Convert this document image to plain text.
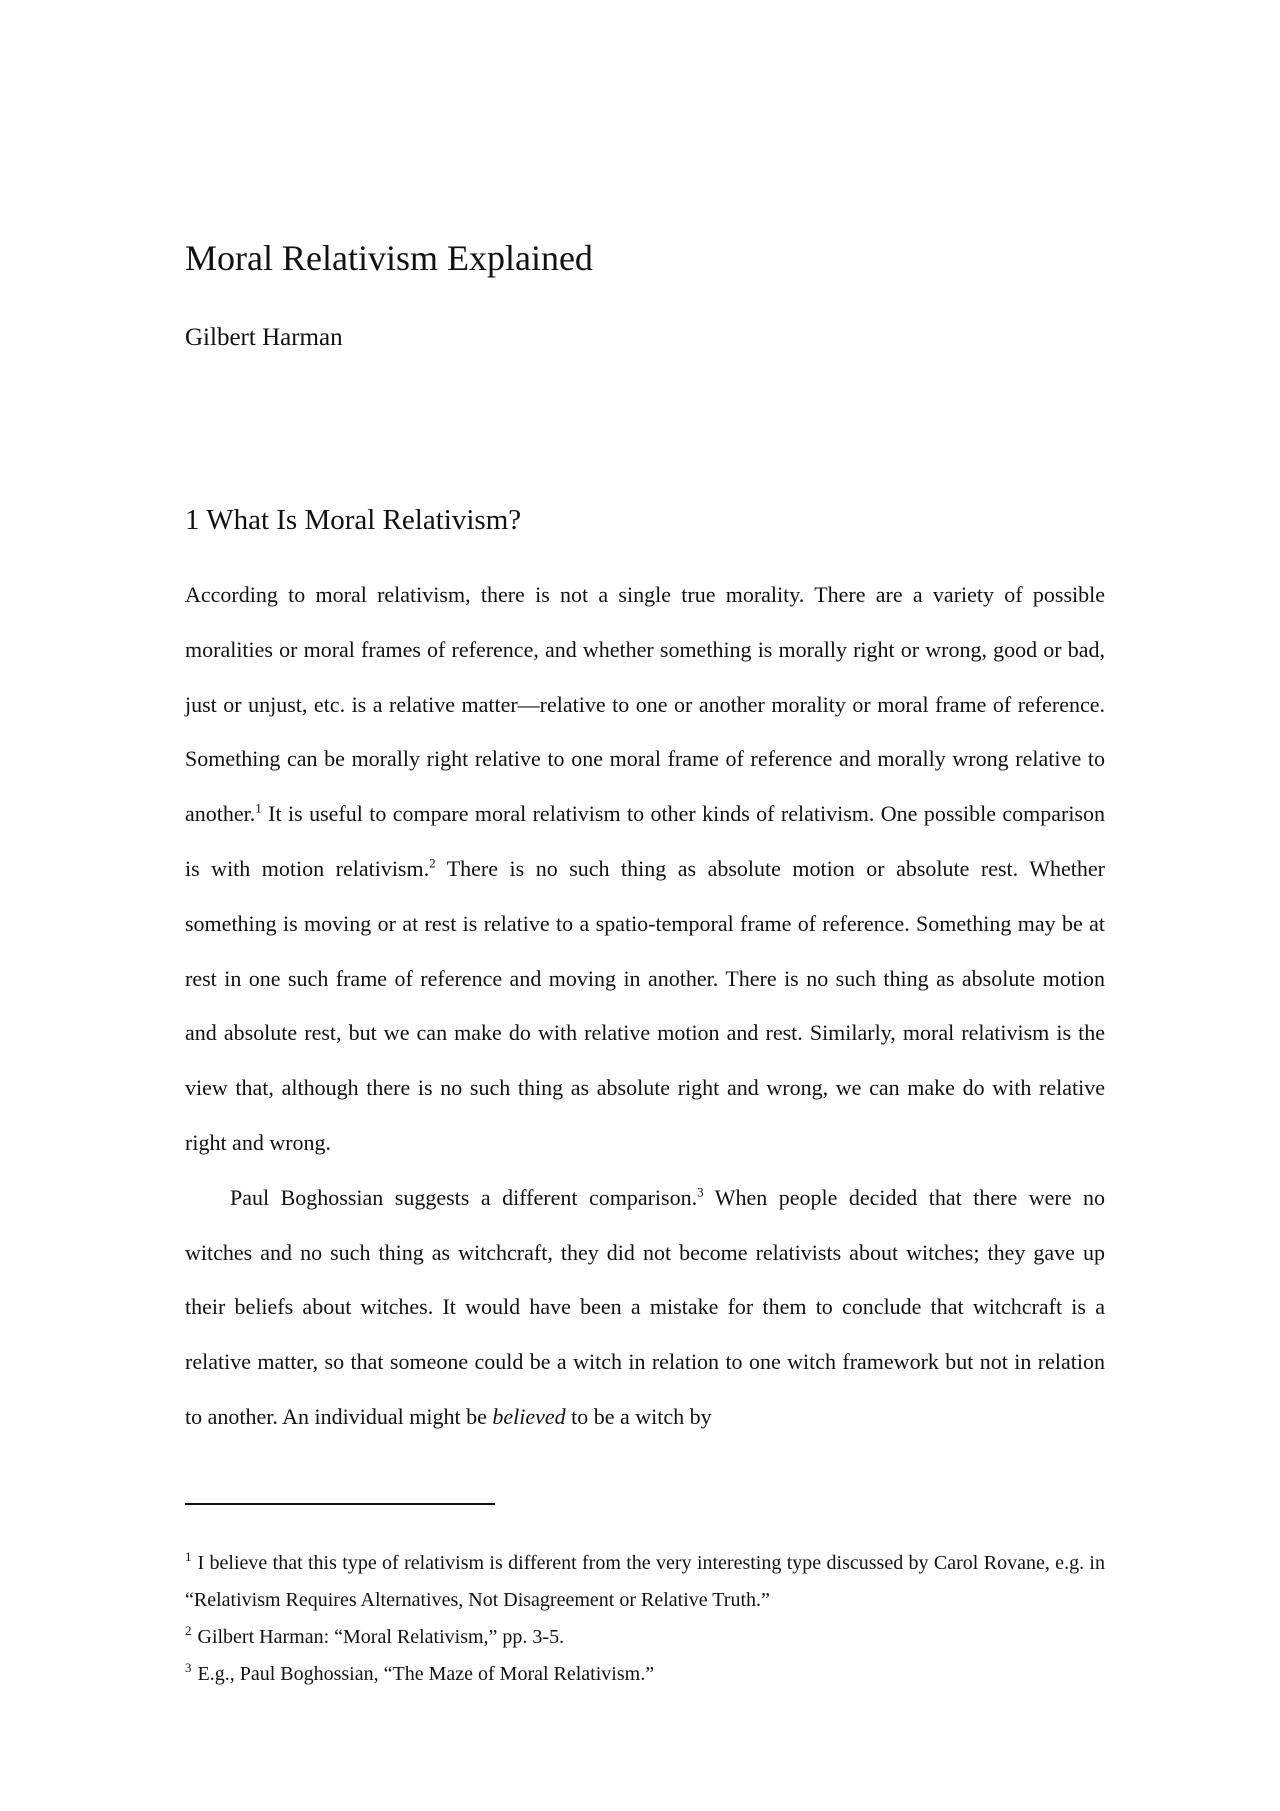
Moral Relativism Explained

Gilbert Harman

1 What Is Moral Relativism?

According to moral relativism, there is not a single true morality. There are a variety of possible moralities or moral frames of reference, and whether something is morally right or wrong, good or bad, just or unjust, etc. is a relative matter—relative to one or another morality or moral frame of reference. Something can be morally right relative to one moral frame of reference and morally wrong relative to another.$^1$ It is useful to compare moral relativism to other kinds of relativism. One possible comparison is with motion relativism.$^2$ There is no such thing as absolute motion or absolute rest. Whether something is moving or at rest is relative to a spatio-temporal frame of reference. Something may be at rest in one such frame of reference and moving in another. There is no such thing as absolute motion and absolute rest, but we can make do with relative motion and rest. Similarly, moral relativism is the view that, although there is no such thing as absolute right and wrong, we can make do with relative right and wrong.

Paul Boghossian suggests a different comparison.$^3$ When people decided that there were no witches and no such thing as witchcraft, they did not become relativists about witches; they gave up their beliefs about witches. It would have been a mistake for them to conclude that witchcraft is a relative matter, so that someone could be a witch in relation to one witch framework but not in relation to another. An individual might be believed to be a witch by

$^1$ I believe that this type of relativism is different from the very interesting type discussed by Carol Rovane, e.g. in “Relativism Requires Alternatives, Not Disagreement or Relative Truth.”

$^2$ Gilbert Harman: “Moral Relativism,” pp. 3-5.

$^3$ E.g., Paul Boghossian, “The Maze of Moral Relativism.”
